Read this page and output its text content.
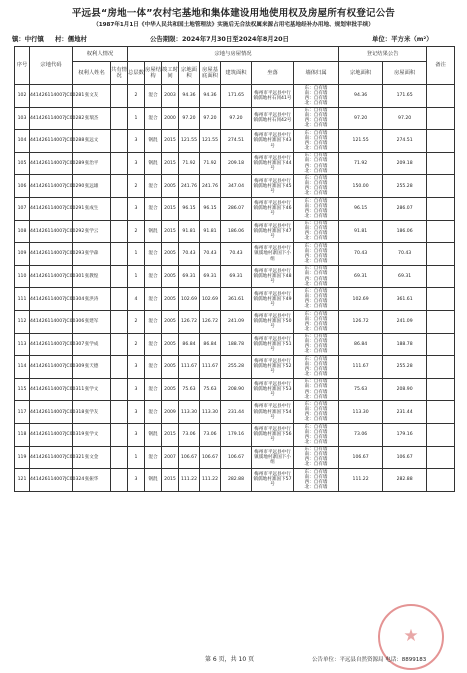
平远县“房地一体”农村宅基地和集体建设用地使用权及房屋所有权登记公告
（1987年1月1日《中华人民共和国土地管理法》实施后无合法权属来源占用宅基地经补办用地、规划审批手续）
镇：中行镇 村：儒地村	公告期限：2024年7月30日至2024年8月20日	单位：平方米（m²）
序号	宗地代码	权利人情况		宗地与房屋情况								登记结果公告		备注
		权利人姓名	共有情况	总层数	房屋结构	竣工时间	宗地面积	房屋基底面积	建筑面积	坐落	墙体归属	宗地面积	房屋面积	
102	441426114007JC00281	张文友		2	混合	2003	94.36	94.36	171.65	梅州市平远县中行镇儒地村石冈41号	东：自有墙
南：自有墙
西：自有墙
北：自有墙	94.36	171.65	
103	441426114007JC00282	张瑞杰		1	混合	2000	97.20	97.20	97.20	梅州市平远县中行镇儒地村石冈42号	东：自有墙
南：自有墙
西：自有墙
北：自有墙	97.20	97.20	
104	441426114007JC00288	张远文		3	钢混	2015	121.55	121.55	274.51	梅州市平远县中行镇儒地村寨国下43号	东：自有墙
南：自有墙
西：自有墙
北：自有墙	121.55	274.51	
105	441426114007JC00289	张治平		3	钢混	2015	71.92	71.92	209.18	梅州市平远县中行镇儒地村寨国下44号	东：自有墙
南：自有墙
西：自有墙
北：自有墙	71.92	209.18	
106	441426114007JC00290	张远雄		2	混合	2005	241.76	241.76	347.04	梅州市平远县中行镇儒地村寨国下45号	东：自有墙
南：自有墙
西：自有墙
北：自有墙	150.00	255.28	
107	441426114007JC00291	张成生		3	混合	2015	96.15	96.15	286.07	梅州市平远县中行镇儒地村寨国下46号	东：自有墙
南：自有墙
西：自有墙
北：自有墙	96.15	286.07	
108	441426114007JC00292	张学云		2	钢混	2015	91.81	91.81	186.06	梅州市平远县中行镇儒地村寨国下47号	东：自有墙
南：自有墙
西：自有墙
北：自有墙	91.81	186.06	
109	441426114007JC00293	张学森		1	混合	2005	70.43	70.43	70.43	梅州市平远县中行镇儒地村寨国下小组	东：自有墙
南：自有墙
西：自有墙
北：自有墙	70.43	70.43	
110	441426114007JC00301	张教煌		1	混合	2005	69.31	69.31	69.31	梅州市平远县中行镇儒地村寨国下48号	东：自有墙
南：自有墙
西：自有墙
北：自有墙	69.31	69.31	
111	441426114007JC00304	张洪涛		4	混合	2005	102.69	102.69	361.61	梅州市平远县中行镇儒地村寨国下49号	东：自有墙
南：自有墙
西：自有墙
北：自有墙	102.69	361.61	
112	441426114007JC00306	张建军		2	混合	2005	126.72	126.72	241.09	梅州市平远县中行镇儒地村寨国下50号	东：自有墙
南：自有墙
西：自有墙
北：自有墙	126.72	241.09	
113	441426114007JC00307	张学成		2	混合	2005	86.84	86.84	188.78	梅州市平远县中行镇儒地村寨国下51号	东：自有墙
南：自有墙
西：自有墙
北：自有墙	86.84	188.78	
114	441426114007JC00309	张天德		3	混合	2005	111.67	111.67	255.28	梅州市平远县中行镇儒地村寨国下52号	东：自有墙
南：自有墙
西：自有墙
北：自有墙	111.67	255.28	
115	441426114007JC00311	张学文		3	混合	2005	75.63	75.63	208.90	梅州市平远县中行镇儒地村寨国下53号	东：自有墙
南：自有墙
西：自有墙
北：自有墙	75.63	208.90	
117	441426114007JC00318	张学友		3	混合	2009	113.30	113.30	231.44	梅州市平远县中行镇儒地村寨国下54号	东：自有墙
南：自有墙
西：自有墙
北：自有墙	113.30	231.44	
118	441426114007JC00319	张学文		3	钢混	2015	73.06	73.06	179.16	梅州市平远县中行镇儒地村寨国下56号	东：自有墙
南：自有墙
西：自有墙
北：自有墙	73.06	179.16	
119	441426114007JC00321	张文金		1	混合	2007	106.67	106.67	106.67	梅州市平远县中行镇儒地村寨国下小组	东：自有墙
南：自有墙
西：自有墙
北：自有墙	106.67	106.67	
121	441426114007JC00324	张振华		3	钢混	2015	111.22	111.22	282.88	梅州市平远县中行镇儒地村寨国下57号	东：自有墙
南：自有墙
西：自有墙
北：自有墙	111.22	282.88	
★
第 6 页，共 10 页	公告单位：平远县自然资源局 电话：8899183
